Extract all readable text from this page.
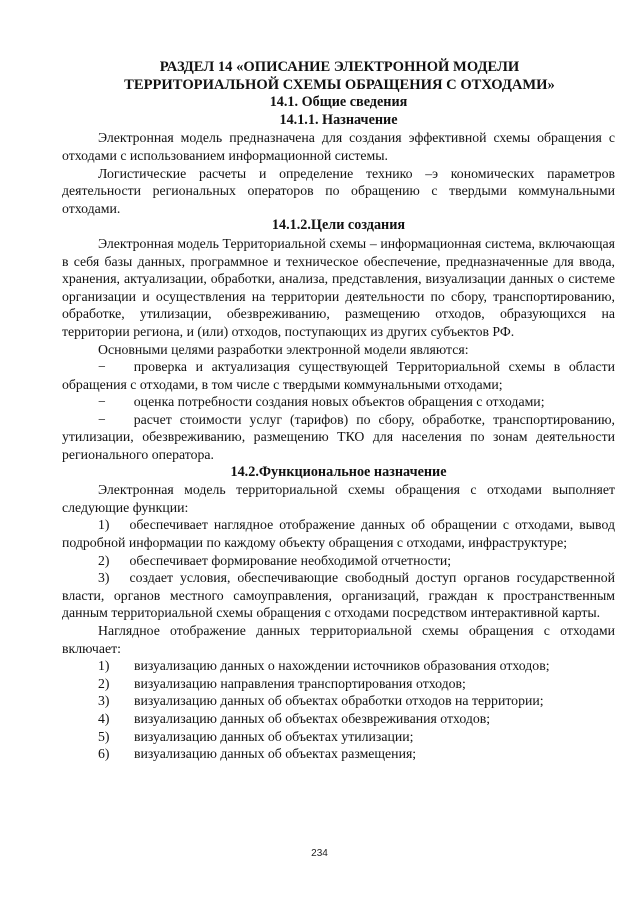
РАЗДЕЛ 14 «ОПИСАНИЕ ЭЛЕКТРОННОЙ МОДЕЛИ
ТЕРРИТОРИАЛЬНОЙ СХЕМЫ ОБРАЩЕНИЯ С ОТХОДАМИ»
14.1. Общие сведения
14.1.1. Назначение

Электронная модель предназначена для создания эффективной схемы обращения с отходами с использованием информационной системы.

Логистические расчеты и определение технико –э кономических параметров деятельности региональных операторов по обращению с твердыми коммунальными отходами.

14.1.2.Цели создания

Электронная модель Территориальной схемы – информационная система, включающая в себя базы данных, программное и техническое обеспечение, предназначенные для ввода, хранения, актуализации, обработки, анализа, представления, визуализации данных о системе организации и осуществления на территории деятельности по сбору, транспортированию, обработке, утилизации, обезвреживанию, размещению отходов, образующихся на территории региона, и (или) отходов, поступающих из других субъектов РФ.

Основными целями разработки электронной модели являются:

− проверка и актуализация существующей Территориальной схемы в области обращения с отходами, в том числе с твердыми коммунальными отходами;

− оценка потребности создания новых объектов обращения с отходами;

− расчет стоимости услуг (тарифов) по сбору, обработке, транспортированию, утилизации, обезвреживанию, размещению ТКО для населения по зонам деятельности регионального оператора.

14.2.Функциональное назначение

Электронная модель территориальной схемы обращения с отходами выполняет следующие функции:

1) обеспечивает наглядное отображение данных об обращении с отходами, вывод подробной информации по каждому объекту обращения с отходами, инфраструктуре;

2) обеспечивает формирование необходимой отчетности;

3) создает условия, обеспечивающие свободный доступ органов государственной власти, органов местного самоуправления, организаций, граждан к пространственным данным территориальной схемы обращения с отходами посредством интерактивной карты.

Наглядное отображение данных территориальной схемы обращения с отходами включает:

1)	визуализацию данных о нахождении источников образования отходов;
2)	визуализацию направления транспортирования отходов;
3)	визуализацию данных об объектах обработки отходов на территории;
4)	визуализацию данных об объектах обезвреживания отходов;
5)	визуализацию данных об объектах утилизации;
6)	визуализацию данных об объектах размещения;
234
